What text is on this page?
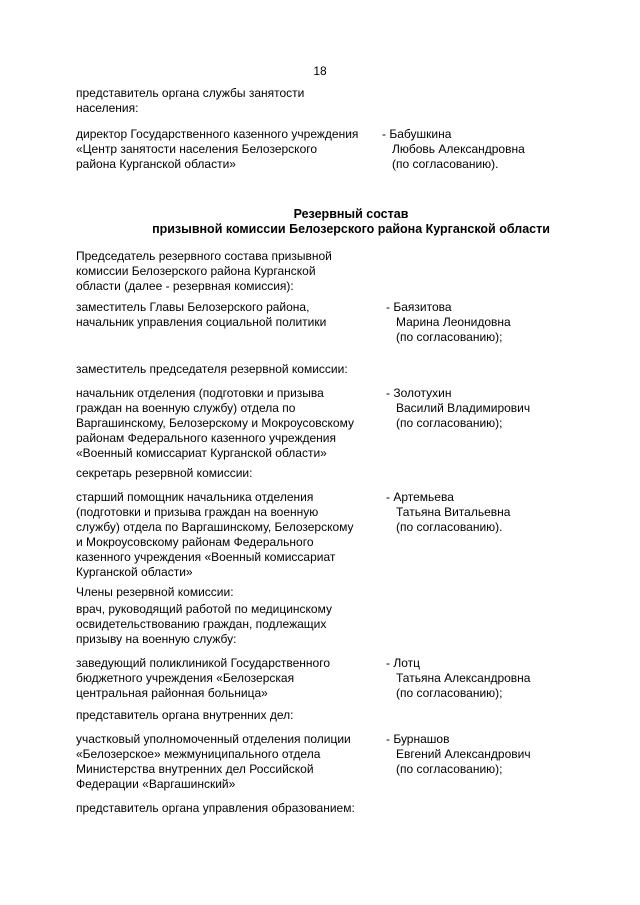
18
представитель органа службы занятости
населения:
директор Государственного казенного учреждения
«Центр занятости населения Белозерского
района Курганской области»
- Бабушкина
Любовь Александровна
(по согласованию).
Резервный состав
призывной комиссии Белозерского района Курганской области
Председатель резервного состава призывной
комиссии Белозерского района Курганской
области (далее - резервная комиссия):
заместитель Главы Белозерского района,
начальник управления социальной политики
- Баязитова
Марина Леонидовна
(по согласованию);
заместитель председателя резервной комиссии:
начальник отделения (подготовки и призыва
граждан на военную службу) отдела по
Варгашинскому, Белозерскому и Мокроусовскому
районам Федерального казенного учреждения
«Военный комиссариат Курганской области»
- Золотухин
Василий Владимирович
(по согласованию);
секретарь резервной комиссии:
старший помощник начальника отделения
(подготовки и призыва граждан на военную
службу) отдела по Варгашинскому, Белозерскому
и Мокроусовскому районам Федерального
казенного учреждения «Военный комиссариат
Курганской области»
- Артемьева
Татьяна Витальевна
(по согласованию).
Члены резервной комиссии:
врач, руководящий работой по медицинскому
освидетельствованию граждан, подлежащих
призыву на военную службу:
заведующий поликлиникой Государственного
бюджетного учреждения «Белозерская
центральная районная больница»
- Лотц
Татьяна Александровна
(по согласованию);
представитель органа внутренних дел:
участковый уполномоченный отделения полиции
«Белозерское» межмуниципального отдела
Министерства внутренних дел Российской
Федерации «Варгашинский»
- Бурнашов
Евгений Александрович
(по согласованию);
представитель органа управления образованием:
